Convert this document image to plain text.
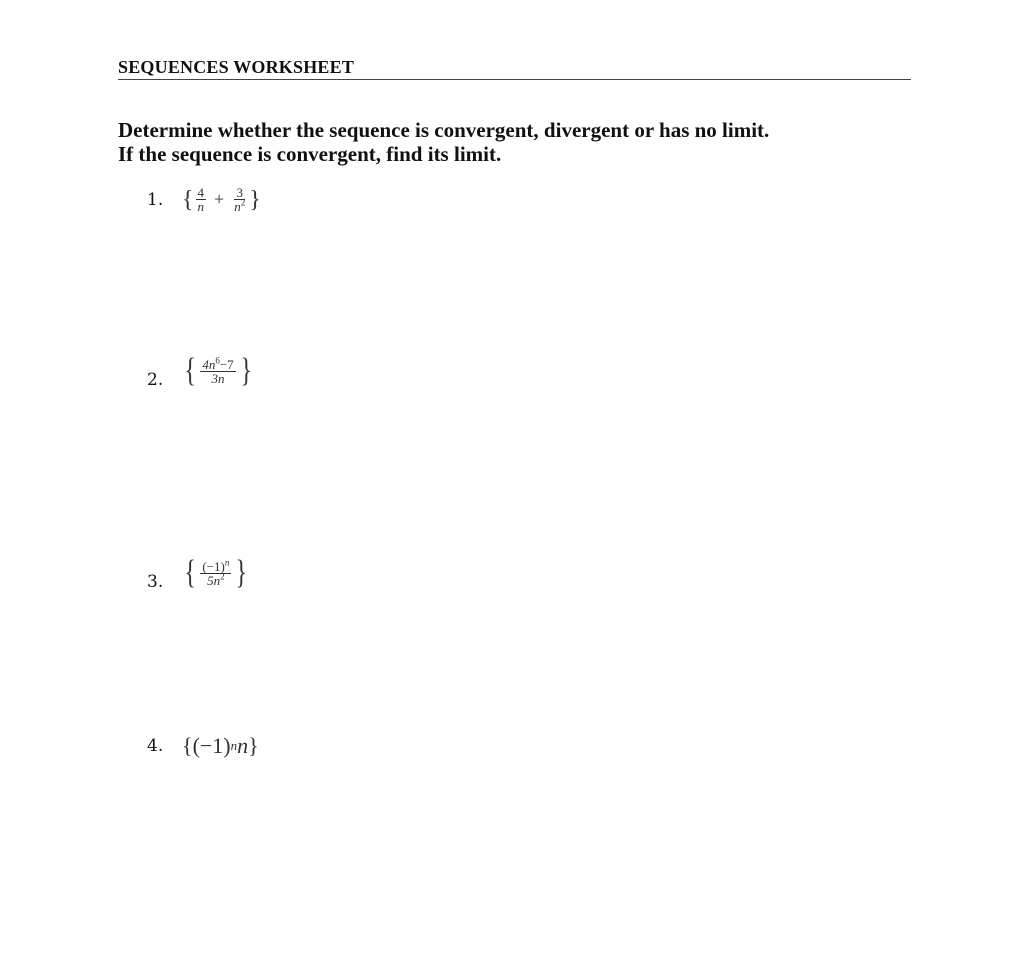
SEQUENCES WORKSHEET
Determine whether the sequence is convergent, divergent or has no limit.
If the sequence is convergent, find its limit.
1. { $\frac{4}{n} + \frac{3}{n^2}$ }
2. { $\frac{4n^6-7}{3n}$ }
3. { $\frac{(-1)^n}{5n^2}$ }
4. { (−1) n n }
